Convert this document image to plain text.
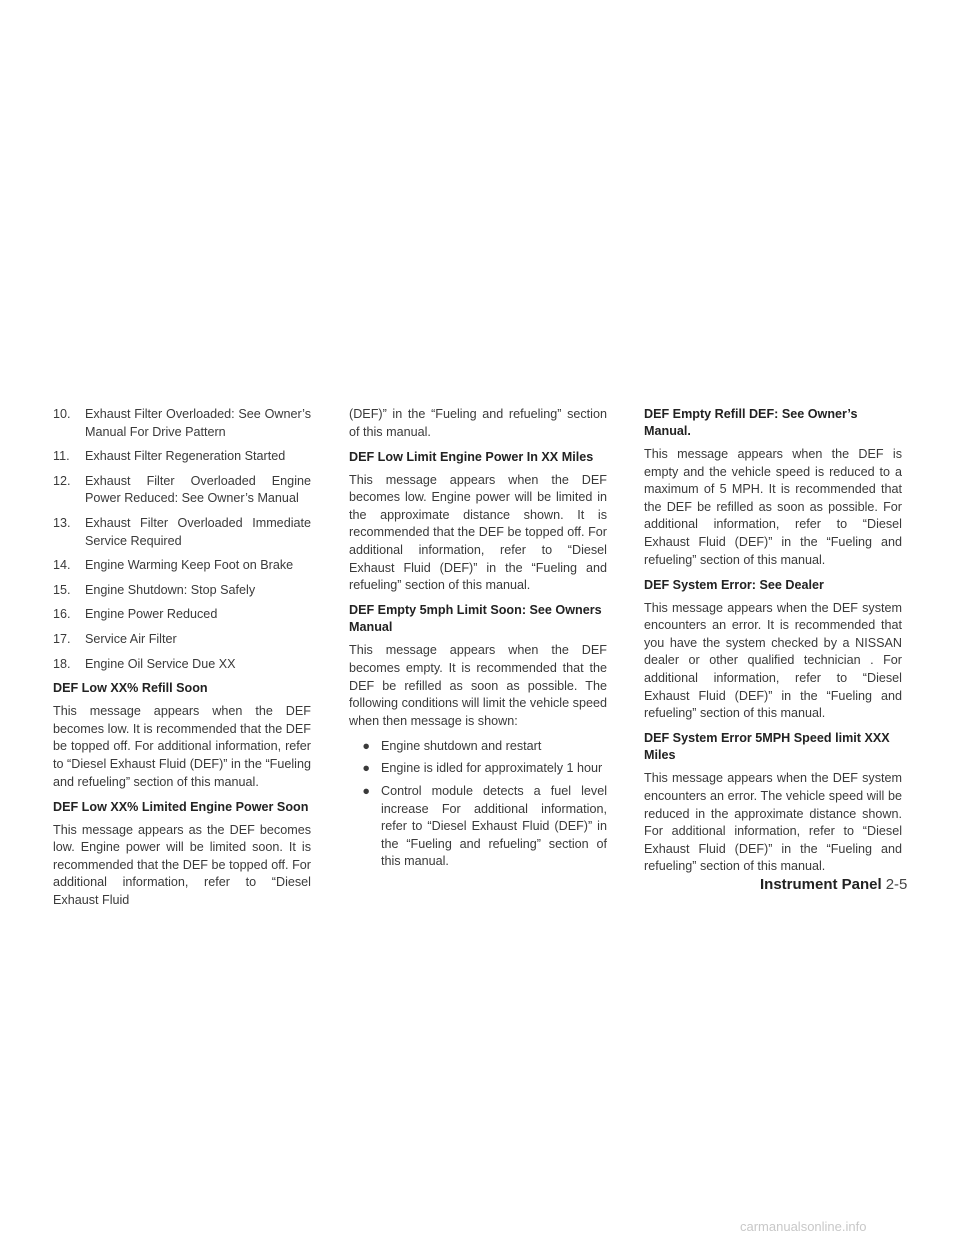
10.	Exhaust Filter Overloaded: See Owner’s Manual For Drive Pattern
11.	Exhaust Filter Regeneration Started
12.	Exhaust Filter Overloaded Engine Power Reduced: See Owner’s Manual
13.	Exhaust Filter Overloaded Immediate Service Required
14.	Engine Warming Keep Foot on Brake
15.	Engine Shutdown: Stop Safely
16.	Engine Power Reduced
17.	Service Air Filter
18.	Engine Oil Service Due XX
DEF Low XX% Refill Soon

This message appears when the DEF becomes low. It is recommended that the DEF be topped off. For additional information, refer to “Diesel Exhaust Fluid (DEF)” in the “Fueling and refueling” section of this manual.

DEF Low XX% Limited Engine Power Soon

This message appears as the DEF becomes low. Engine power will be limited soon. It is recommended that the DEF be topped off. For additional information, refer to “Diesel Exhaust Fluid

(DEF)” in the “Fueling and refueling” section of this manual.

DEF Low Limit Engine Power In XX Miles

This message appears when the DEF becomes low. Engine power will be limited in the approximate distance shown. It is recommended that the DEF be topped off. For additional information, refer to “Diesel Exhaust Fluid (DEF)” in the “Fueling and refueling” section of this manual.

DEF Empty 5mph Limit Soon: See Owners Manual

This message appears when the DEF becomes empty. It is recommended that the DEF be refilled as soon as possible. The following conditions will limit the vehicle speed when then message is shown:

● Engine shutdown and restart
● Engine is idled for approximately 1 hour
● Control module detects a fuel level increase For additional information, refer to “Diesel Exhaust Fluid (DEF)” in the “Fueling and refueling” section of this manual.
DEF Empty Refill DEF: See Owner’s Manual.

This message appears when the DEF is empty and the vehicle speed is reduced to a maximum of 5 MPH. It is recommended that the DEF be refilled as soon as possible. For additional information, refer to “Diesel Exhaust Fluid (DEF)” in the “Fueling and refueling” section of this manual.

DEF System Error: See Dealer

This message appears when the DEF system encounters an error. It is recommended that you have the system checked by a NISSAN dealer or other qualified technician . For additional information, refer to “Diesel Exhaust Fluid (DEF)” in the “Fueling and refueling” section of this manual.

DEF System Error 5MPH Speed limit XXX Miles

This message appears when the DEF system encounters an error. The vehicle speed will be reduced in the approximate distance shown. For additional information, refer to “Diesel Exhaust Fluid (DEF)” in the “Fueling and refueling” section of this manual.

Instrument Panel 2-5
carmanualsonline.info
